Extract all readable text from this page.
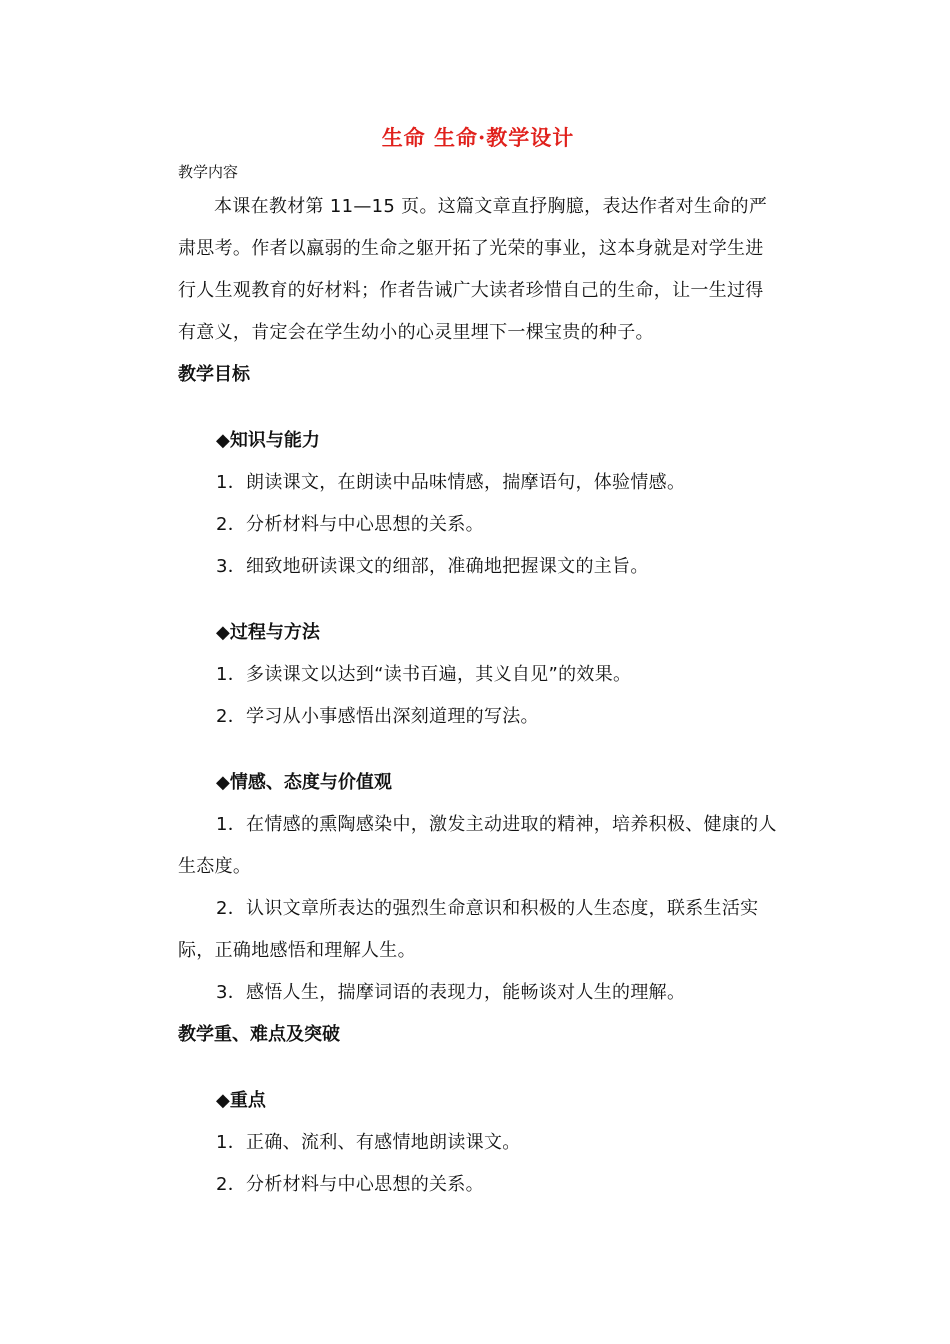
生命 生命·教学设计

教学内容

本课在教材第 11—15 页。这篇文章直抒胸臆，表达作者对生命的严肃思考。作者以羸弱的生命之躯开拓了光荣的事业，这本身就是对学生进行人生观教育的好材料；作者告诫广大读者珍惜自己的生命，让一生过得有意义，肯定会在学生幼小的心灵里埋下一棵宝贵的种子。

教学目标

◆知识与能力

1．朗读课文，在朗读中品味情感，揣摩语句，体验情感。

2．分析材料与中心思想的关系。

3．细致地研读课文的细部，准确地把握课文的主旨。

◆过程与方法

1．多读课文以达到“读书百遍，其义自见”的效果。

2．学习从小事感悟出深刻道理的写法。

◆情感、态度与价值观

1．在情感的熏陶感染中，激发主动进取的精神，培养积极、健康的人生态度。

2．认识文章所表达的强烈生命意识和积极的人生态度，联系生活实际，正确地感悟和理解人生。

3．感悟人生，揣摩词语的表现力，能畅谈对人生的理解。

教学重、难点及突破

◆重点

1．正确、流利、有感情地朗读课文。

2．分析材料与中心思想的关系。
